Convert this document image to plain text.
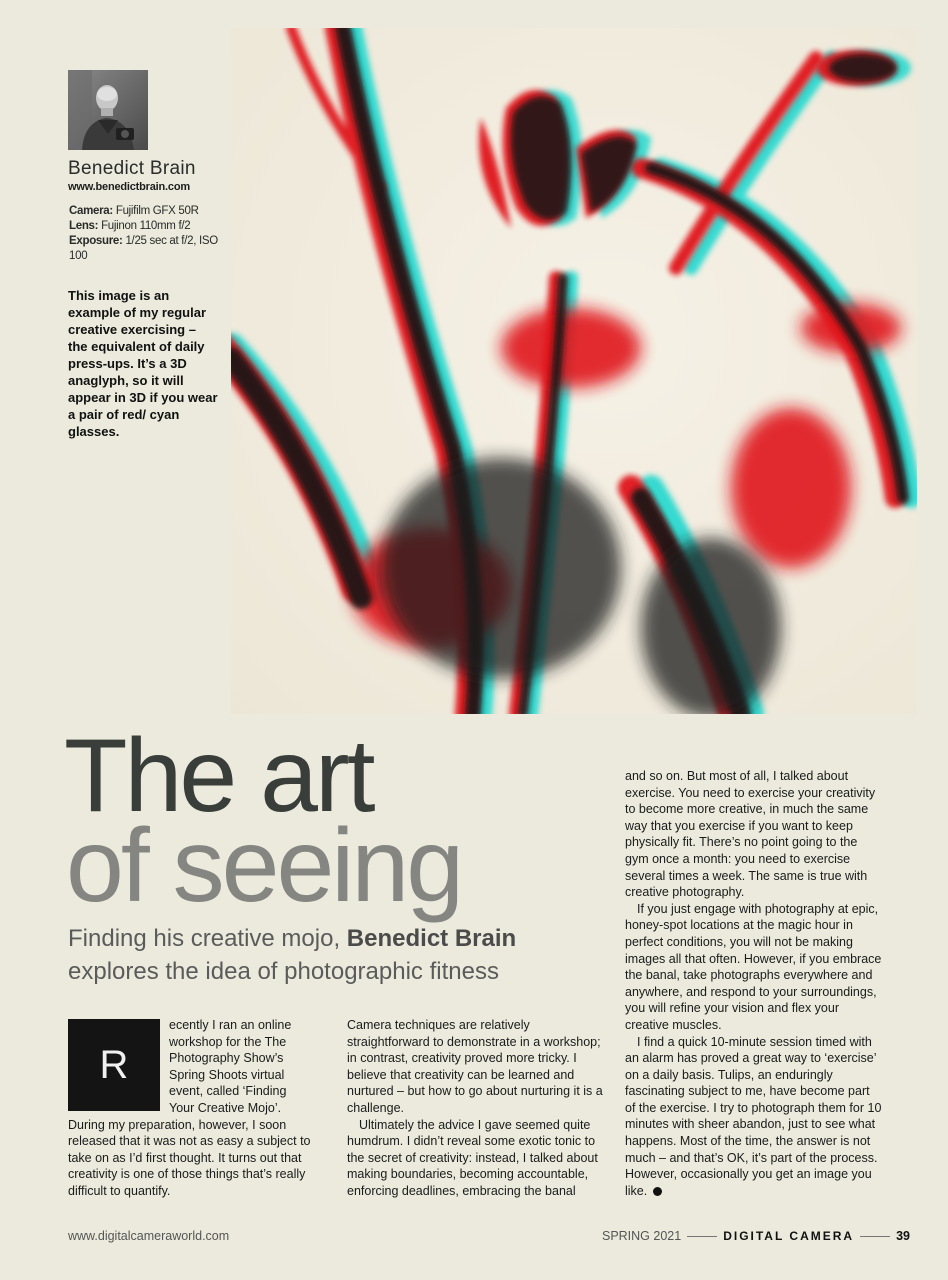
Benedict Brain
www.benedictbrain.com
Camera: Fujifilm GFX 50R
Lens: Fujinon 110mm f/2
Exposure: 1/25 sec at f/2, ISO 100
This image is an example of my regular creative exercising – the equivalent of daily press-ups. It’s a 3D anaglyph, so it will appear in 3D if you wear a pair of red/ cyan glasses.
The art
of seeing
Finding his creative mojo, Benedict Brain explores the idea of photographic fitness
R

ecently I ran an online workshop for the The Photography Show’s Spring Shoots virtual event, called ‘Finding Your Creative Mojo’. During my preparation, however, I soon released that it was not as easy a subject to take on as I’d first thought. It turns out that creativity is one of those things that’s really difficult to quantify.

Camera techniques are relatively straightforward to demonstrate in a workshop; in contrast, creativity proved more tricky. I believe that creativity can be learned and nurtured – but how to go about nurturing it is a challenge.

Ultimately the advice I gave seemed quite humdrum. I didn’t reveal some exotic tonic to the secret of creativity: instead, I talked about making boundaries, becoming accountable, enforcing deadlines, embracing the banal

and so on. But most of all, I talked about exercise. You need to exercise your creativity to become more creative, in much the same way that you exercise if you want to keep physically fit. There’s no point going to the gym once a month: you need to exercise several times a week. The same is true with creative photography.

If you just engage with photography at epic, honey-spot locations at the magic hour in perfect conditions, you will not be making images all that often. However, if you embrace the banal, take photographs everywhere and anywhere, and respond to your surroundings, you will refine your vision and flex your creative muscles.

I find a quick 10-minute session timed with an alarm has proved a great way to ‘exercise’ on a daily basis. Tulips, an enduringly fascinating subject to me, have become part of the exercise. I try to photograph them for 10 minutes with sheer abandon, just to see what happens. Most of the time, the answer is not much – and that’s OK, it’s part of the process. However, occasionally you get an image you like.

www.digitalcameraworld.com	SPRING 2021	DIGITAL CAMERA	39
